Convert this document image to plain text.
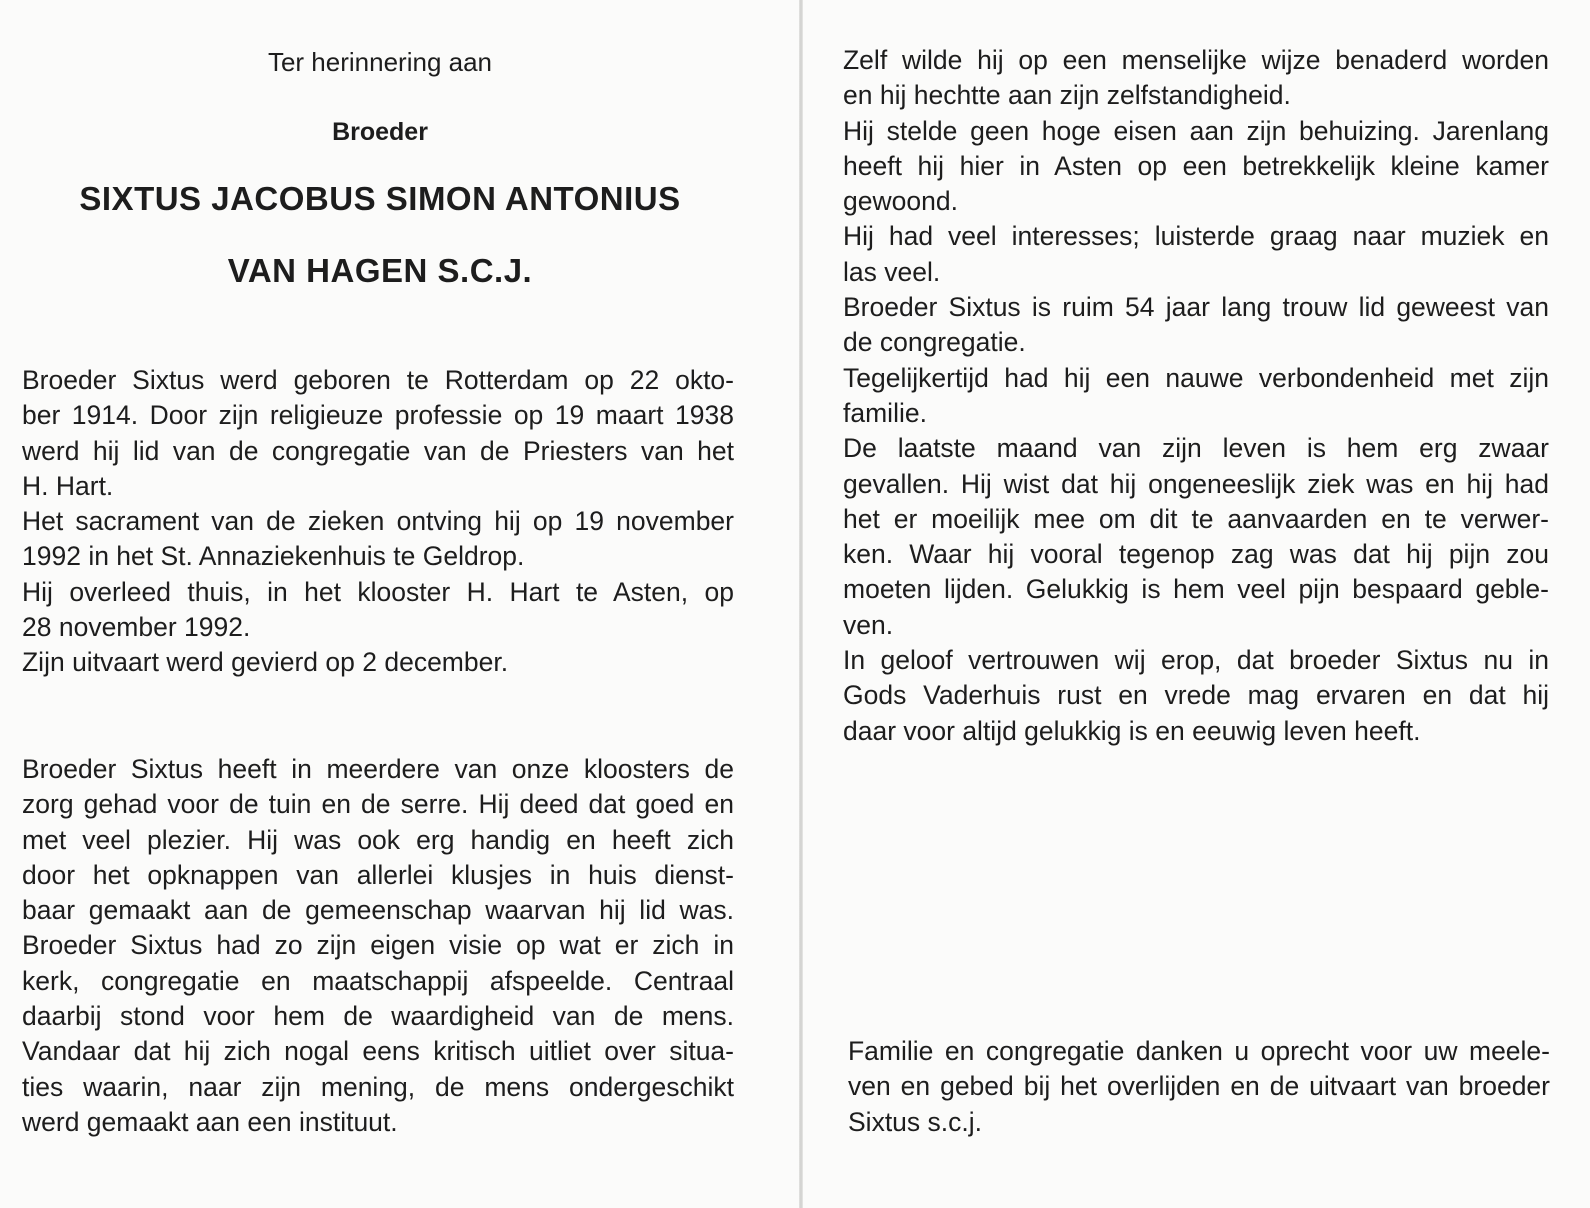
Ter herinnering aan
Broeder
SIXTUS JACOBUS SIMON ANTONIUS
VAN HAGEN S.C.J.
Broeder Sixtus werd geboren te Rotterdam op 22 okto-
ber 1914. Door zijn religieuze professie op 19 maart 1938
werd hij lid van de congregatie van de Priesters van het
H. Hart.
Het sacrament van de zieken ontving hij op 19 november
1992 in het St. Annaziekenhuis te Geldrop.
Hij overleed thuis, in het klooster H. Hart te Asten, op
28 november 1992.
Zijn uitvaart werd gevierd op 2 december.
Broeder Sixtus heeft in meerdere van onze kloosters de
zorg gehad voor de tuin en de serre. Hij deed dat goed en
met veel plezier. Hij was ook erg handig en heeft zich
door het opknappen van allerlei klusjes in huis dienst-
baar gemaakt aan de gemeenschap waarvan hij lid was.
Broeder Sixtus had zo zijn eigen visie op wat er zich in
kerk, congregatie en maatschappij afspeelde. Centraal
daarbij stond voor hem de waardigheid van de mens.
Vandaar dat hij zich nogal eens kritisch uitliet over situa-
ties waarin, naar zijn mening, de mens ondergeschikt
werd gemaakt aan een instituut.
Zelf wilde hij op een menselijke wijze benaderd worden
en hij hechtte aan zijn zelfstandigheid.
Hij stelde geen hoge eisen aan zijn behuizing. Jarenlang
heeft hij hier in Asten op een betrekkelijk kleine kamer
gewoond.
Hij had veel interesses; luisterde graag naar muziek en
las veel.
Broeder Sixtus is ruim 54 jaar lang trouw lid geweest van
de congregatie.
Tegelijkertijd had hij een nauwe verbondenheid met zijn
familie.
De laatste maand van zijn leven is hem erg zwaar
gevallen. Hij wist dat hij ongeneeslijk ziek was en hij had
het er moeilijk mee om dit te aanvaarden en te verwer-
ken. Waar hij vooral tegenop zag was dat hij pijn zou
moeten lijden. Gelukkig is hem veel pijn bespaard geble-
ven.
In geloof vertrouwen wij erop, dat broeder Sixtus nu in
Gods Vaderhuis rust en vrede mag ervaren en dat hij
daar voor altijd gelukkig is en eeuwig leven heeft.
Familie en congregatie danken u oprecht voor uw meele-
ven en gebed bij het overlijden en de uitvaart van broeder
Sixtus s.c.j.
